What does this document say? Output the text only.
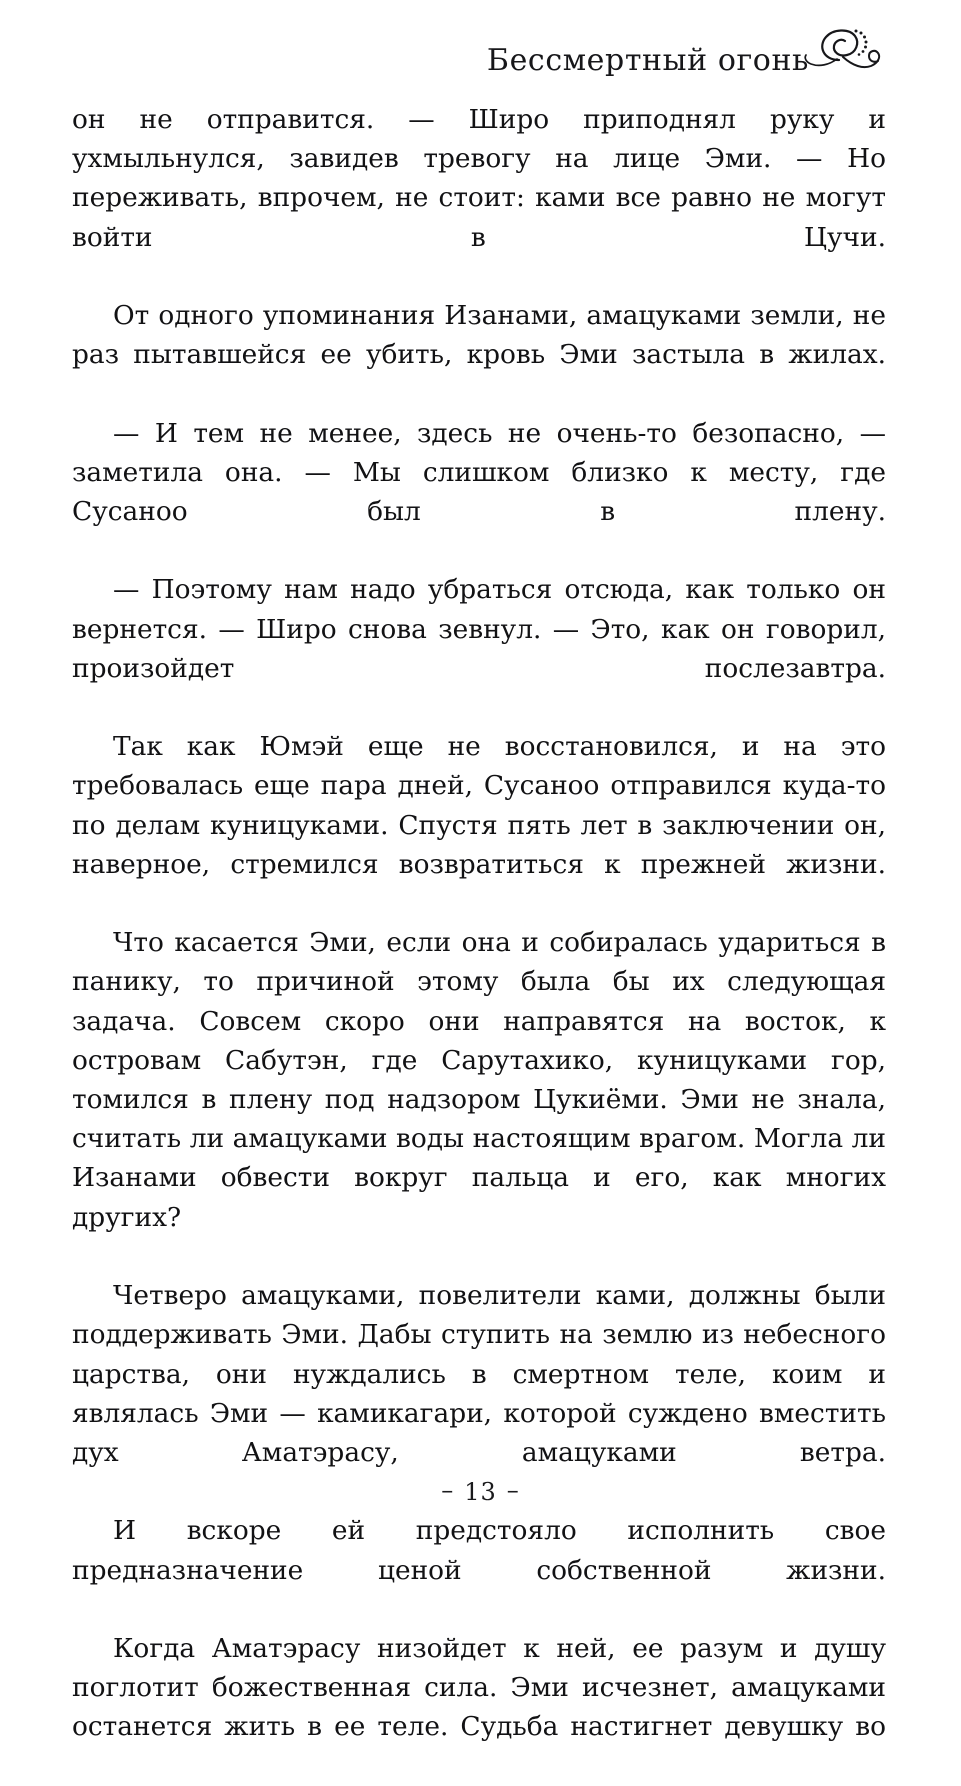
Бессмертный огонь

он не отправится. — Широ приподнял руку и ухмыльнулся, завидев тревогу на лице Эми. — Но переживать, впрочем, не стоит: ками все равно не могут войти в Цучи.

От одного упоминания Изанами, амацуками земли, не раз пытавшейся ее убить, кровь Эми застыла в жилах.

— И тем не менее, здесь не очень-то безопасно, — заметила она. — Мы слишком близко к месту, где Сусаноо был в плену.

— Поэтому нам надо убраться отсюда, как только он вернется. — Широ снова зевнул. — Это, как он говорил, произойдет послезавтра.

Так как Юмэй еще не восстановился, и на это требовалась еще пара дней, Сусаноо отправился куда-то по делам куницуками. Спустя пять лет в заключении он, наверное, стремился возвратиться к прежней жизни.

Что касается Эми, если она и собиралась удариться в панику, то причиной этому была бы их следующая задача. Совсем скоро они направятся на восток, к островам Сабутэн, где Сарутахико, куницуками гор, томился в плену под надзором Цукиёми. Эми не знала, считать ли амацуками воды настоящим врагом. Могла ли Изанами обвести вокруг пальца и его, как многих других?

Четверо амацуками, повелители ками, должны были поддерживать Эми. Дабы ступить на землю из небесного царства, они нуждались в смертном теле, коим и являлась Эми — камикагари, которой суждено вместить дух Аматэрасу, амацуками ветра.

И вскоре ей предстояло исполнить свое предназначение ценой собственной жизни.

Когда Аматэрасу низойдет к ней, ее разум и душу поглотит божественная сила. Эми исчезнет, амацуками останется жить в ее теле. Судьба настигнет девушку во

– 13 –
